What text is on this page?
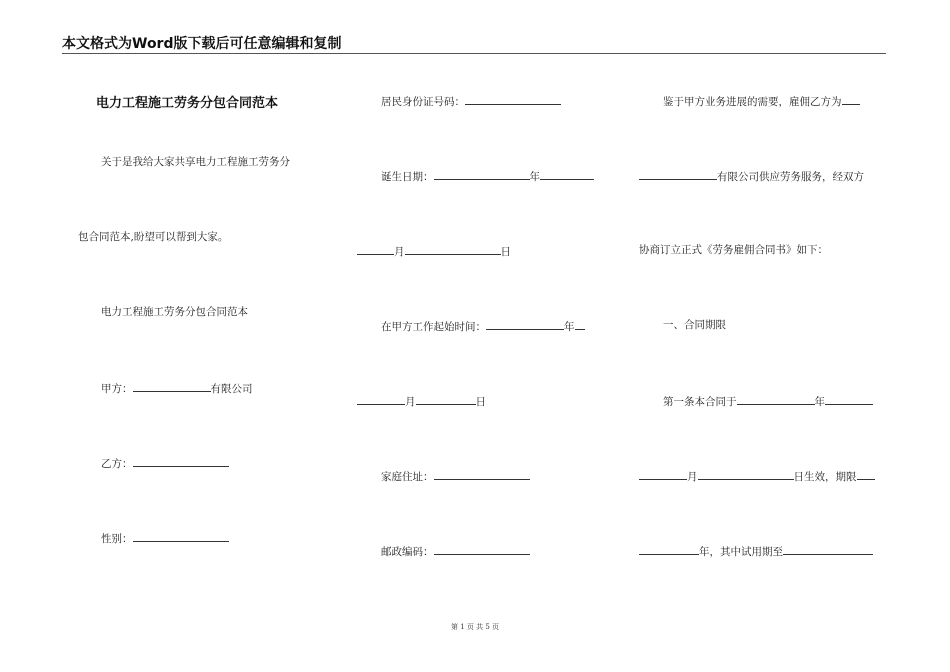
本文格式为Word版下载后可任意编辑和复制
电力工程施工劳务分包合同范本
关于是我给大家共享电力工程施工劳务分
包合同范本,盼望可以帮到大家。
电力工程施工劳务分包合同范本
甲方：	有限公司
乙方：
性别：
居民身份证号码：
诞生日期：	年
月	日
在甲方工作起始时间：	年
月	日
家庭住址：
邮政编码：
鉴于甲方业务进展的需要，雇佣乙方为
有限公司供应劳务服务，经双方
协商订立正式《劳务雇佣合同书》如下：
一、合同期限
第一条本合同于	年
月	日生效，期限
年，其中试用期至
第 1 页 共 5 页
